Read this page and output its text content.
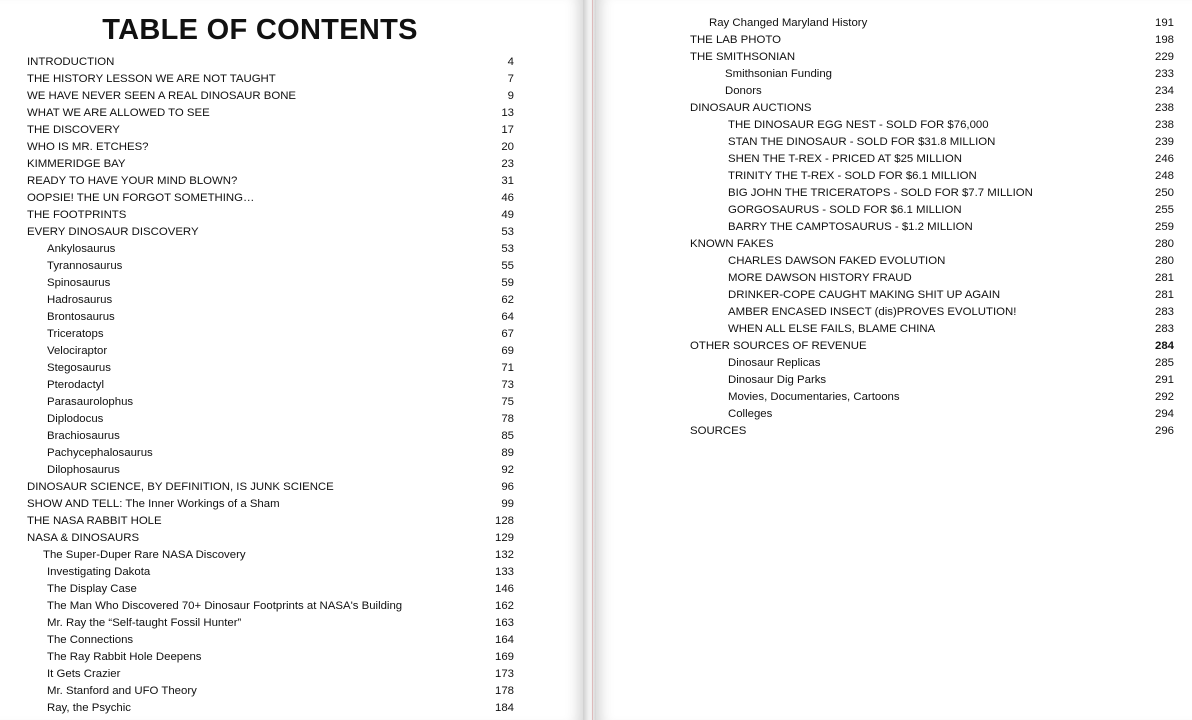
TABLE OF CONTENTS
INTRODUCTION	4
THE HISTORY LESSON WE ARE NOT TAUGHT	7
WE HAVE NEVER SEEN A REAL DINOSAUR BONE	9
WHAT WE ARE ALLOWED TO SEE	13
THE DISCOVERY	17
WHO IS MR. ETCHES?	20
KIMMERIDGE BAY	23
READY TO HAVE YOUR MIND BLOWN?	31
OOPSIE! THE UN FORGOT SOMETHING…	46
THE FOOTPRINTS	49
EVERY DINOSAUR DISCOVERY	53
Ankylosaurus	53
Tyrannosaurus	55
Spinosaurus	59
Hadrosaurus	62
Brontosaurus	64
Triceratops	67
Velociraptor	69
Stegosaurus	71
Pterodactyl	73
Parasaurolophus	75
Diplodocus	78
Brachiosaurus	85
Pachycephalosaurus	89
Dilophosaurus	92
DINOSAUR SCIENCE, BY DEFINITION, IS JUNK SCIENCE	96
SHOW AND TELL: The Inner Workings of a Sham	99
THE NASA RABBIT HOLE	128
NASA & DINOSAURS	129
The Super-Duper Rare NASA Discovery	132
Investigating Dakota	133
The Display Case	146
The Man Who Discovered 70+ Dinosaur Footprints at NASA's Building	162
Mr. Ray the “Self-taught Fossil Hunter”	163
The Connections	164
The Ray Rabbit Hole Deepens	169
It Gets Crazier	173
Mr. Stanford and UFO Theory	178
Ray, the Psychic	184
Ray Changed Maryland History	191
THE LAB PHOTO	198
THE SMITHSONIAN	229
Smithsonian Funding	233
Donors	234
DINOSAUR AUCTIONS	238
THE DINOSAUR EGG NEST - SOLD FOR $76,000	238
STAN THE DINOSAUR - SOLD FOR $31.8 MILLION	239
SHEN THE T-REX - PRICED AT $25 MILLION	246
TRINITY THE T-REX - SOLD FOR $6.1 MILLION	248
BIG JOHN THE TRICERATOPS - SOLD FOR $7.7 MILLION	250
GORGOSAURUS - SOLD FOR $6.1 MILLION	255
BARRY THE CAMPTOSAURUS - $1.2 MILLION	259
KNOWN FAKES	280
CHARLES DAWSON FAKED EVOLUTION	280
MORE DAWSON HISTORY FRAUD	281
DRINKER-COPE CAUGHT MAKING SHIT UP AGAIN	281
AMBER ENCASED INSECT (dis)PROVES EVOLUTION!	283
WHEN ALL ELSE FAILS, BLAME CHINA	283
OTHER SOURCES OF REVENUE	284
Dinosaur Replicas	285
Dinosaur Dig Parks	291
Movies, Documentaries, Cartoons	292
Colleges	294
SOURCES	296
